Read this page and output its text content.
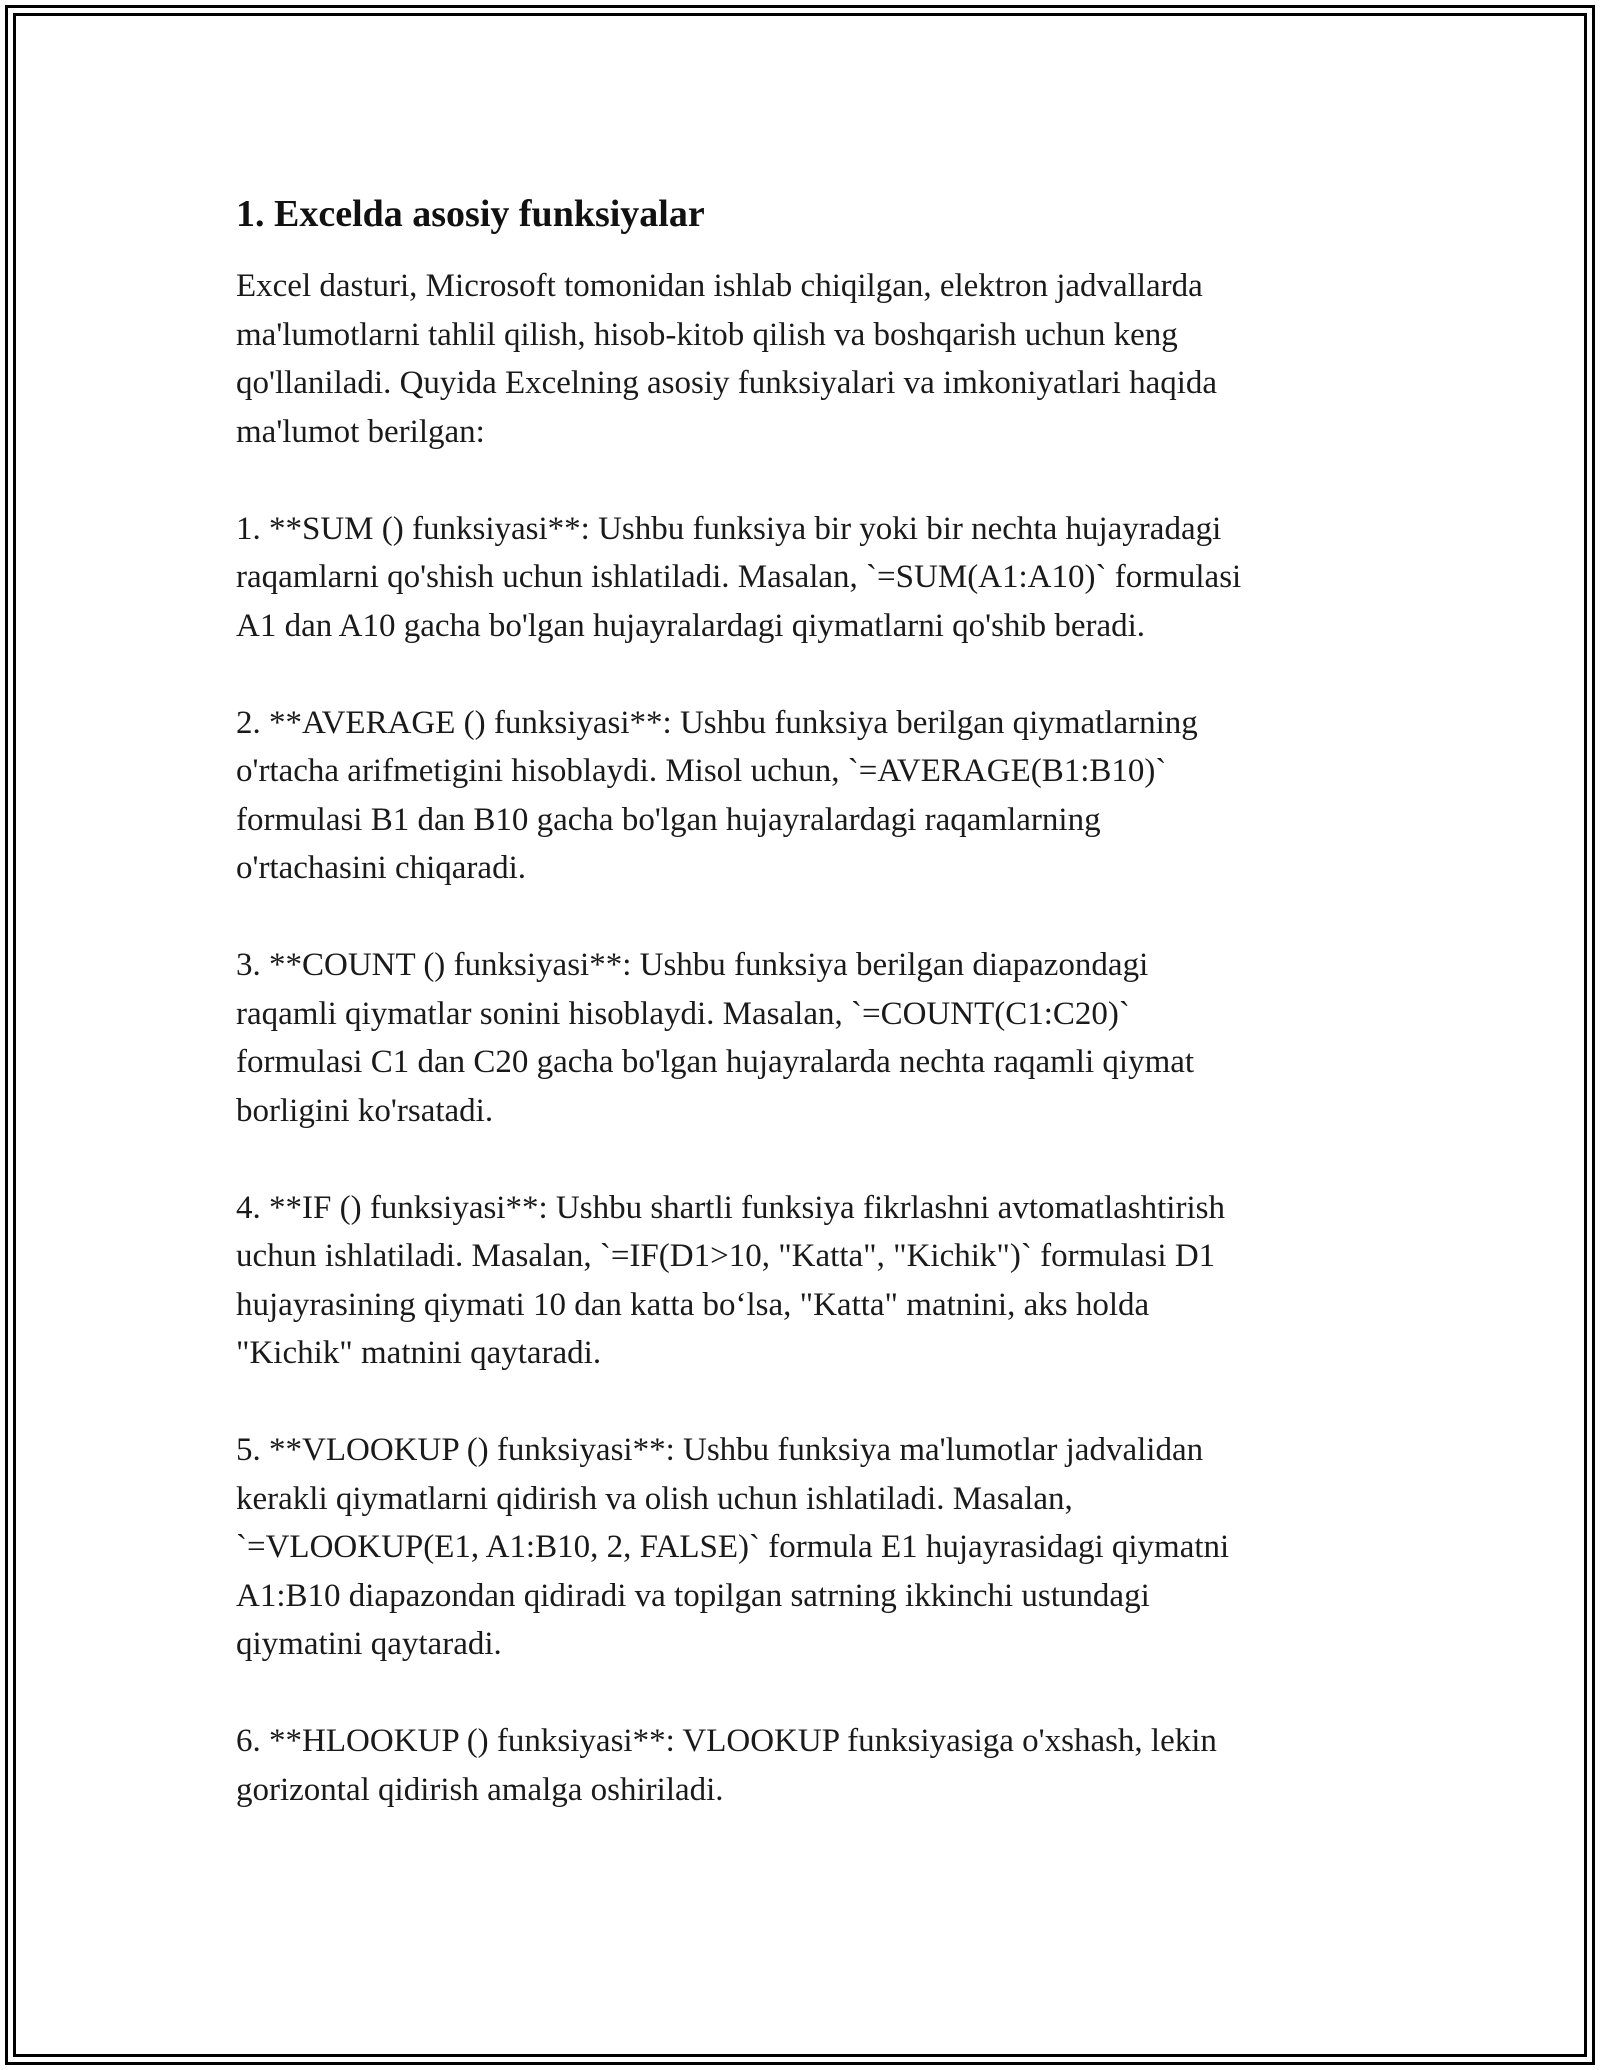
1. Excelda asosiy funksiyalar
Excel dasturi, Microsoft tomonidan ishlab chiqilgan, elektron jadvallarda
ma'lumotlarni tahlil qilish, hisob-kitob qilish va boshqarish uchun keng
qo'llaniladi. Quyida Excelning asosiy funksiyalari va imkoniyatlari haqida
ma'lumot berilgan:
1. **SUM () funksiyasi**: Ushbu funksiya bir yoki bir nechta hujayradagi
raqamlarni qo'shish uchun ishlatiladi. Masalan, `=SUM(A1:A10)` formulasi
A1 dan A10 gacha bo'lgan hujayralardagi qiymatlarni qo'shib beradi.
2. **AVERAGE () funksiyasi**: Ushbu funksiya berilgan qiymatlarning
o'rtacha arifmetigini hisoblaydi. Misol uchun, `=AVERAGE(B1:B10)`
formulasi B1 dan B10 gacha bo'lgan hujayralardagi raqamlarning
o'rtachasini chiqaradi.
3. **COUNT () funksiyasi**: Ushbu funksiya berilgan diapazondagi
raqamli qiymatlar sonini hisoblaydi. Masalan, `=COUNT(C1:C20)`
formulasi C1 dan C20 gacha bo'lgan hujayralarda nechta raqamli qiymat
borligini ko'rsatadi.
4. **IF () funksiyasi**: Ushbu shartli funksiya fikrlashni avtomatlashtirish
uchun ishlatiladi. Masalan, `=IF(D1>10, "Katta", "Kichik")` formulasi D1
hujayrasining qiymati 10 dan katta bo‘lsa, "Katta" matnini, aks holda
"Kichik" matnini qaytaradi.
5. **VLOOKUP () funksiyasi**: Ushbu funksiya ma'lumotlar jadvalidan
kerakli qiymatlarni qidirish va olish uchun ishlatiladi. Masalan,
`=VLOOKUP(E1, A1:B10, 2, FALSE)` formula E1 hujayrasidagi qiymatni
A1:B10 diapazondan qidiradi va topilgan satrning ikkinchi ustundagi
qiymatini qaytaradi.
6. **HLOOKUP () funksiyasi**: VLOOKUP funksiyasiga o'xshash, lekin
gorizontal qidirish amalga oshiriladi.
